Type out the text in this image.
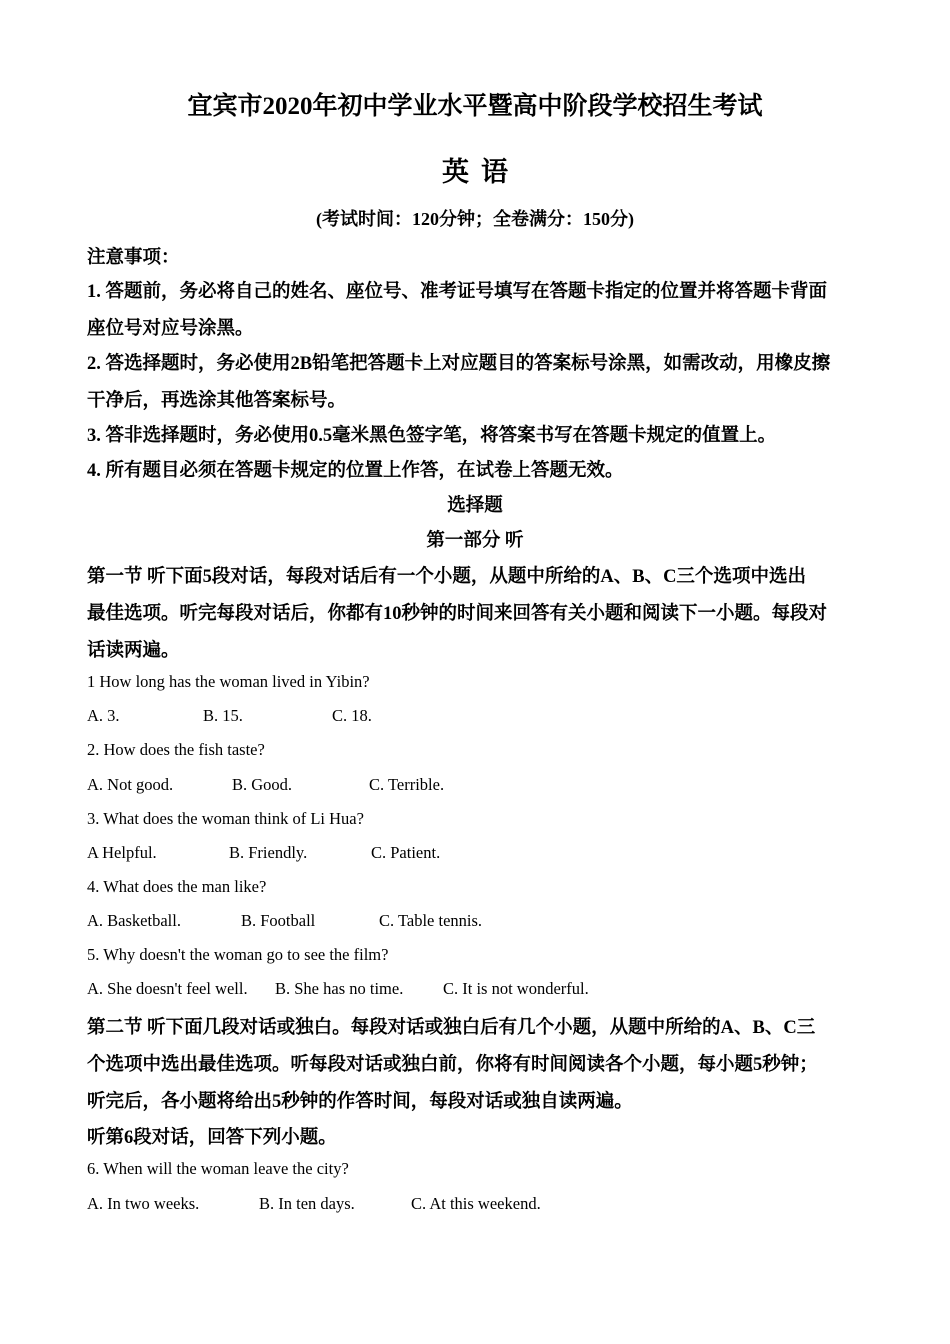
宜宾市2020年初中学业水平暨高中阶段学校招生考试
英语
(考试时间：120分钟；全卷满分：150分)
注意事项：
1. 答题前，务必将自己的姓名、座位号、准考证号填写在答题卡指定的位置并将答题卡背面
座位号对应号涂黑。
2. 答选择题时，务必使用2B铅笔把答题卡上对应题目的答案标号涂黑，如需改动，用橡皮擦
干净后，再选涂其他答案标号。
3. 答非选择题时，务必使用0.5毫米黑色签字笔，将答案书写在答题卡规定的值置上。
4. 所有题目必须在答题卡规定的位置上作答，在试卷上答题无效。
选择题
第一部分 听
第一节 听下面5段对话，每段对话后有一个小题，从题中所给的A、B、C三个选项中选出
最佳选项。听完每段对话后，你都有10秒钟的时间来回答有关小题和阅读下一小题。每段对
话读两遍。
1 How long has the woman lived in Yibin?
A. 3.	B. 15.	C. 18.
2. How does the fish taste?
A. Not good.	B. Good.	C. Terrible.
3. What does the woman think of Li Hua?
A Helpful.	B. Friendly.	C. Patient.
4. What does the man like?
A. Basketball.	B. Football	C. Table tennis.
5. Why doesn't the woman go to see the film?
A. She doesn't feel well. B. She has no time. C. It is not wonderful.
第二节 听下面几段对话或独白。每段对话或独白后有几个小题，从题中所给的A、B、C三
个选项中选出最佳选项。听每段对话或独白前，你将有时间阅读各个小题，每小题5秒钟；
听完后，各小题将给出5秒钟的作答时间，每段对话或独自读两遍。
听第6段对话，回答下列小题。
6. When will the woman leave the city?
A. In two weeks.	B. In ten days.	C. At this weekend.
